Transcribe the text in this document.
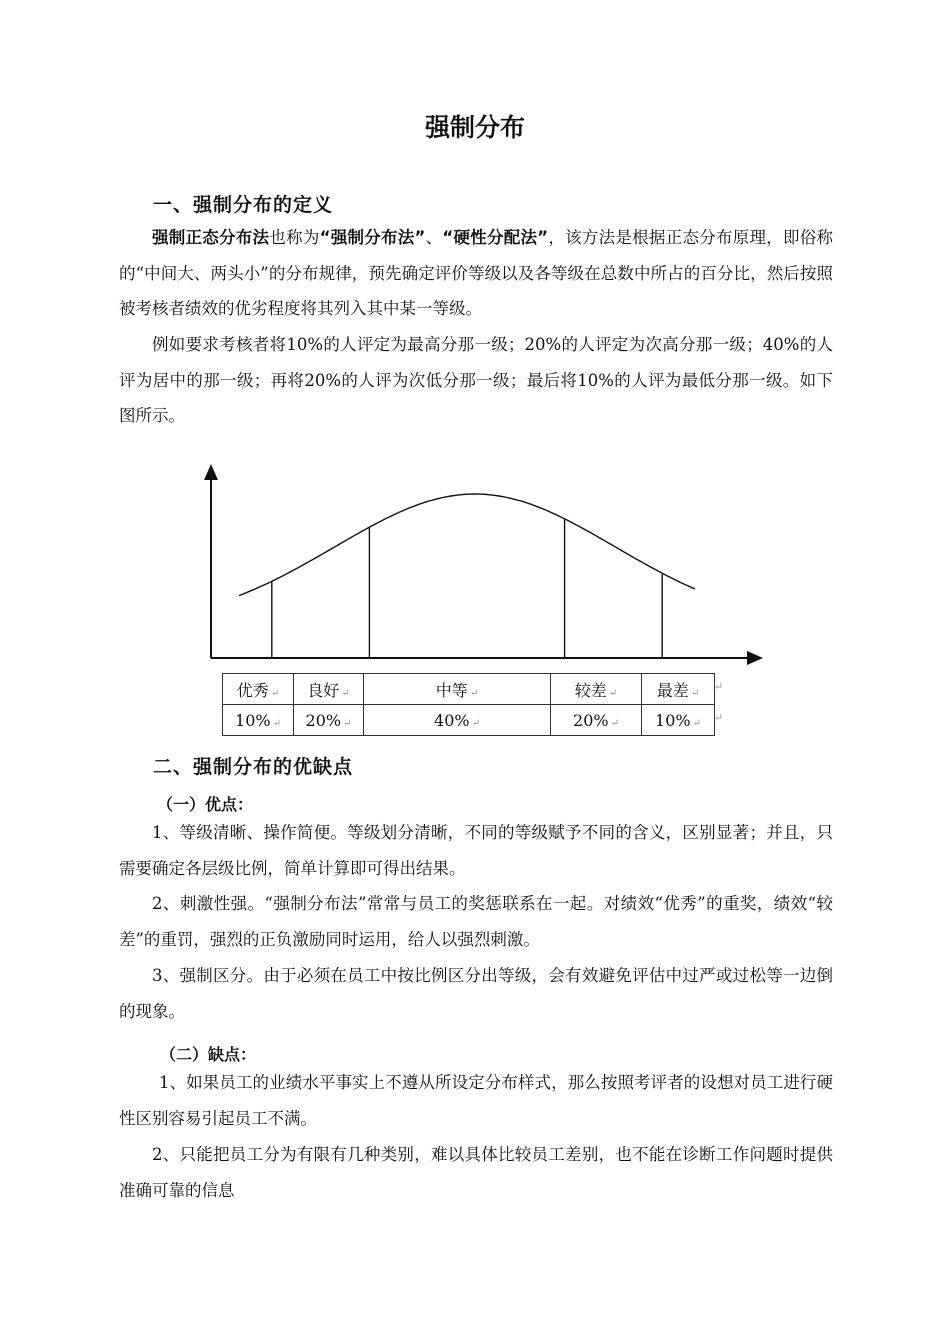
强制分布
一、强制分布的定义

强制正态分布法也称为“强制分布法”、“硬性分配法”，该方法是根据正态分布原理，即俗称的“中间大、两头小”的分布规律，预先确定评价等级以及各等级在总数中所占的百分比，然后按照被考核者绩效的优劣程度将其列入其中某一等级。

例如要求考核者将10%的人评定为最高分那一级；20%的人评定为次高分那一级；40%的人评为居中的那一级；再将20%的人评为次低分那一级；最后将10%的人评为最低分那一级。如下图所示。

优秀 ↵	良好 ↵	中等 ↵	较差 ↵	最差 ↵
10% ↵	20% ↵	40% ↵	20% ↵	10% ↵
↵
↵
二、强制分布的优缺点
（一）优点：

1、等级清晰、操作简便。等级划分清晰，不同的等级赋予不同的含义，区别显著；并且，只需要确定各层级比例，简单计算即可得出结果。

2、刺激性强。“强制分布法”常常与员工的奖惩联系在一起。对绩效“优秀”的重奖，绩效“较差”的重罚，强烈的正负激励同时运用，给人以强烈刺激。

3、强制区分。由于必须在员工中按比例区分出等级，会有效避免评估中过严或过松等一边倒的现象。

（二）缺点：

1、如果员工的业绩水平事实上不遵从所设定分布样式，那么按照考评者的设想对员工进行硬性区别容易引起员工不满。

2、只能把员工分为有限有几种类别，难以具体比较员工差别，也不能在诊断工作问题时提供准确可靠的信息
